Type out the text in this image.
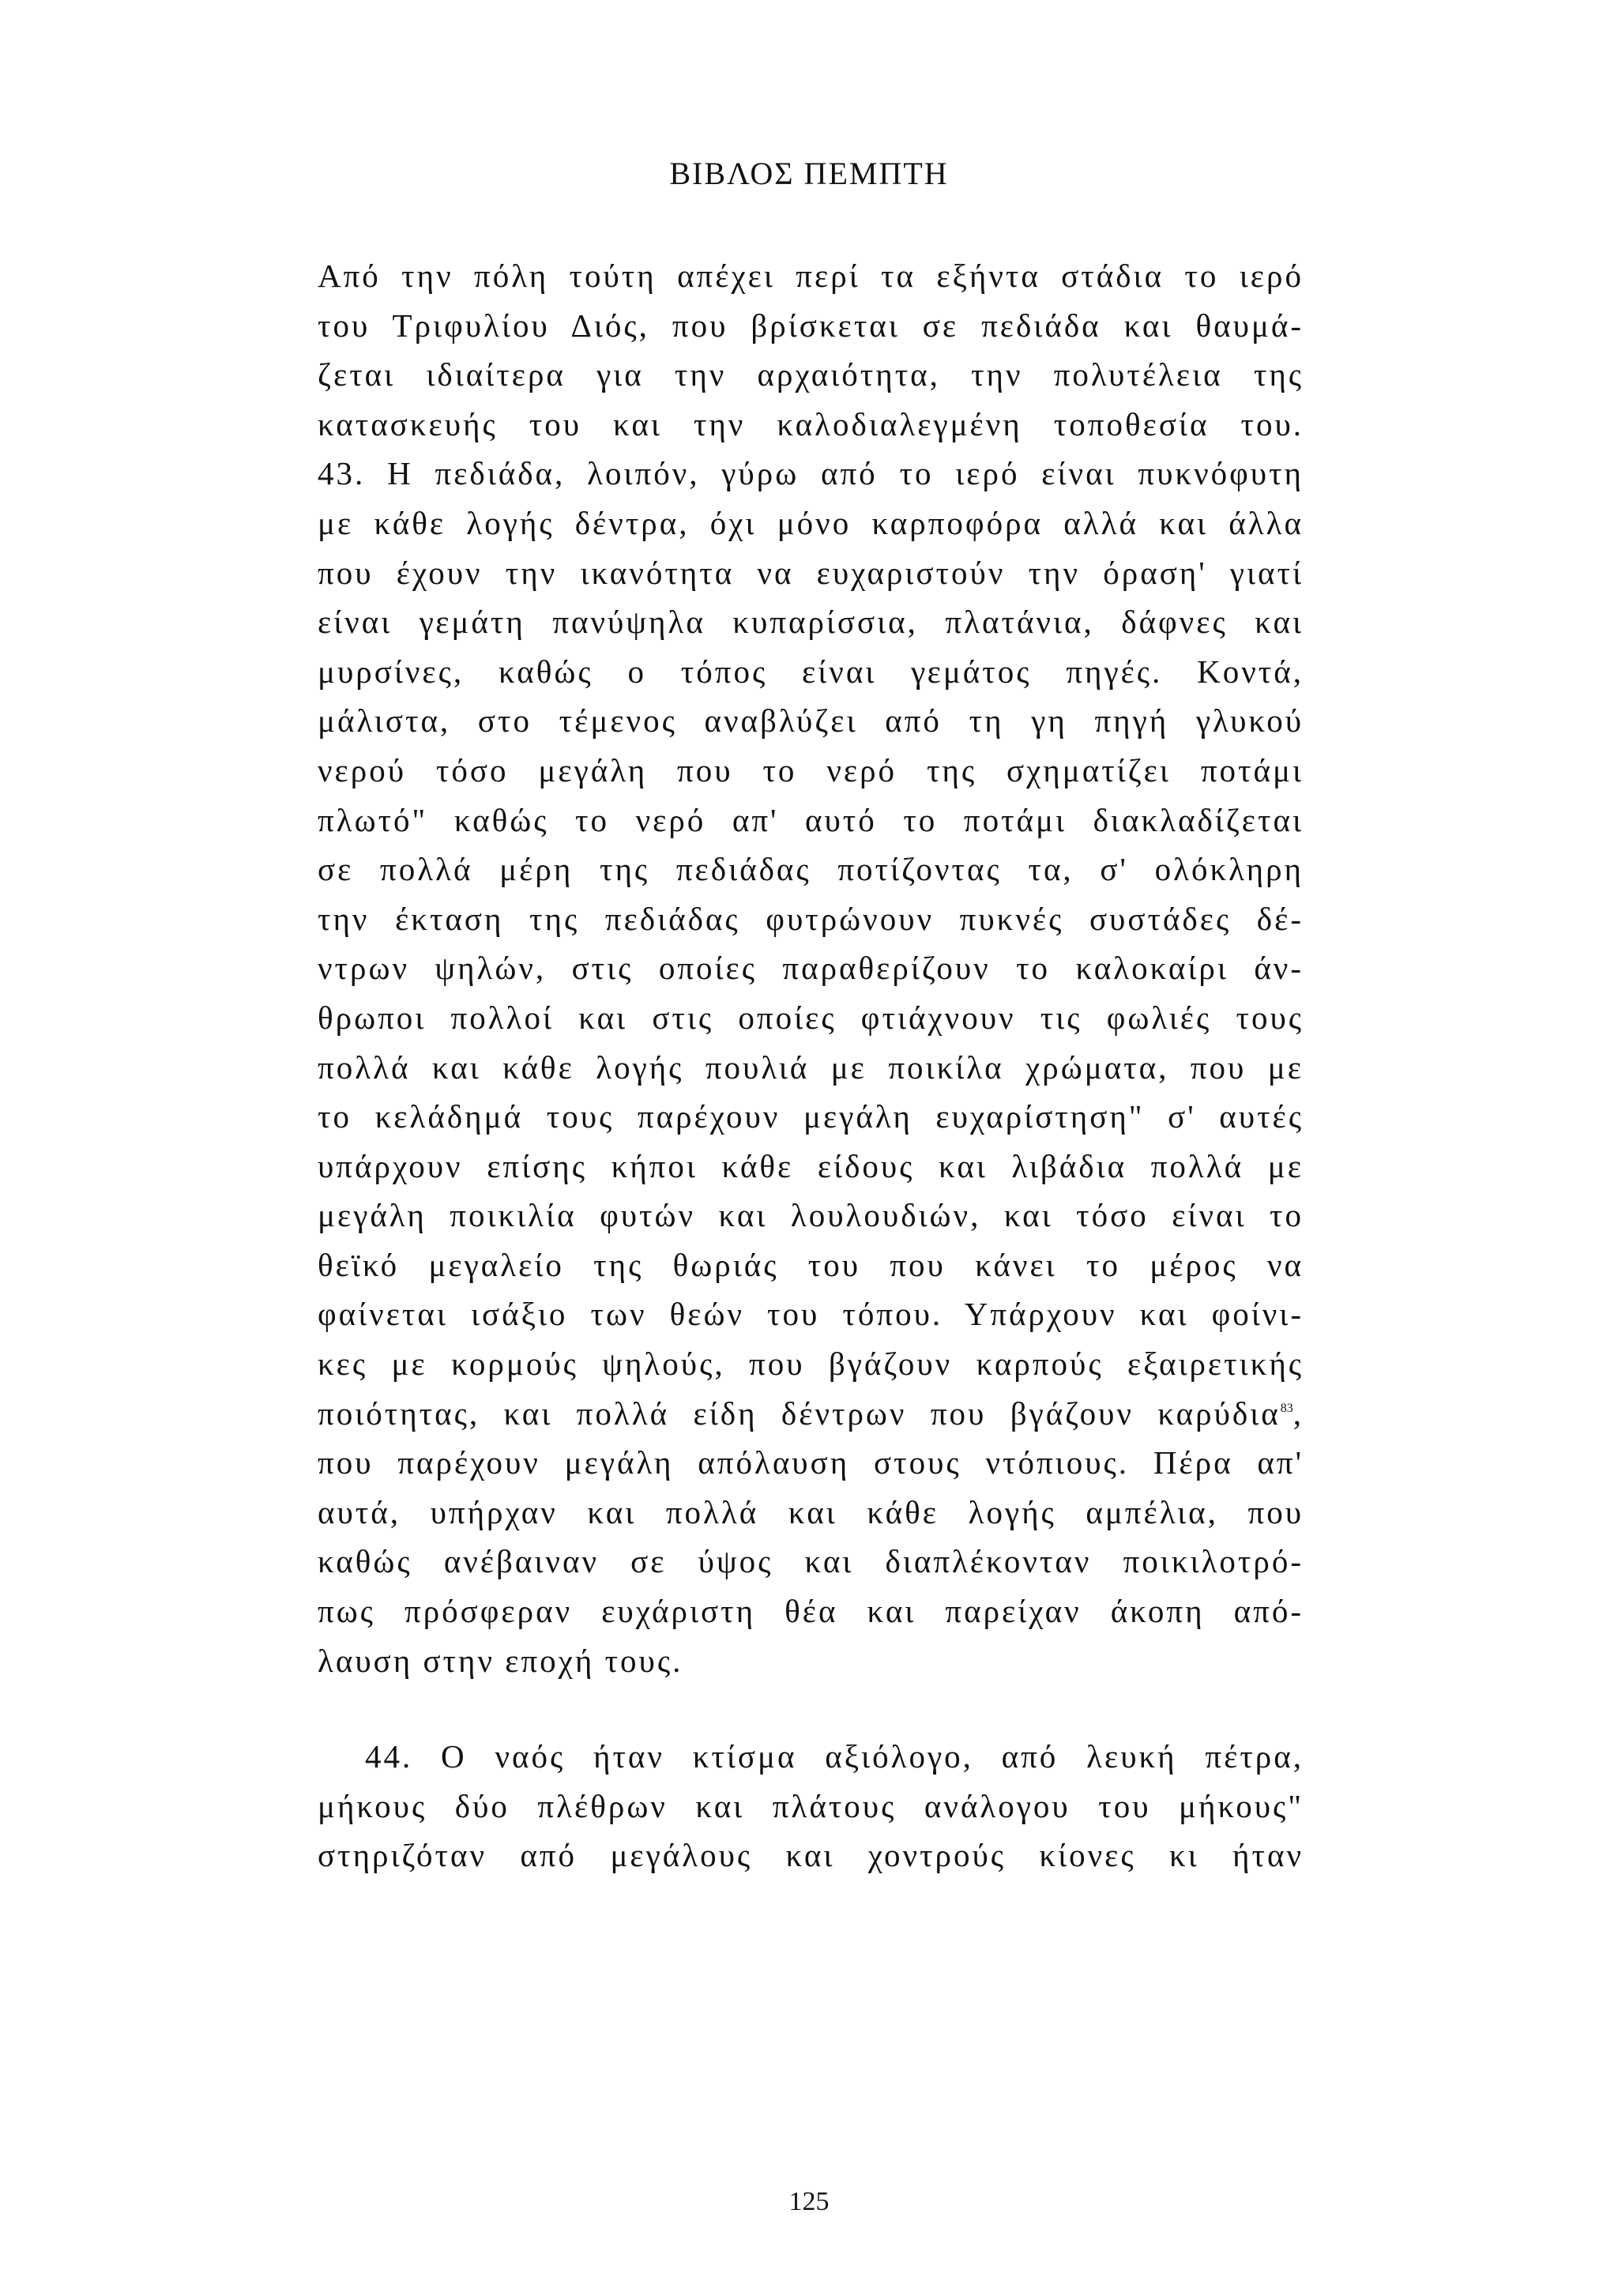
ΒΙΒΛΟΣ ΠΕΜΠΤΗ
Από την πόλη τούτη απέχει περί τα εξήντα στάδια το ιερό
του Τριφυλίου Διός, που βρίσκεται σε πεδιάδα και θαυμά-
ζεται ιδιαίτερα για την αρχαιότητα, την πολυτέλεια της
κατασκευής του και την καλοδιαλεγμένη τοποθεσία του.
43. Η πεδιάδα, λοιπόν, γύρω από το ιερό είναι πυκνόφυτη
με κάθε λογής δέντρα, όχι μόνο καρποφόρα αλλά και άλλα
που έχουν την ικανότητα να ευχαριστούν την όραση' γιατί
είναι γεμάτη πανύψηλα κυπαρίσσια, πλατάνια, δάφνες και
μυρσίνες, καθώς ο τόπος είναι γεμάτος πηγές. Κοντά,
μάλιστα, στο τέμενος αναβλύζει από τη γη πηγή γλυκού
νερού τόσο μεγάλη που το νερό της σχηματίζει ποτάμι
πλωτό" καθώς το νερό απ' αυτό το ποτάμι διακλαδίζεται
σε πολλά μέρη της πεδιάδας ποτίζοντας τα, σ' ολόκληρη
την έκταση της πεδιάδας φυτρώνουν πυκνές συστάδες δέ-
ντρων ψηλών, στις οποίες παραθερίζουν το καλοκαίρι άν-
θρωποι πολλοί και στις οποίες φτιάχνουν τις φωλιές τους
πολλά και κάθε λογής πουλιά με ποικίλα χρώματα, που με
το κελάδημά τους παρέχουν μεγάλη ευχαρίστηση" σ' αυτές
υπάρχουν επίσης κήποι κάθε είδους και λιβάδια πολλά με
μεγάλη ποικιλία φυτών και λουλουδιών, και τόσο είναι το
θεϊκό μεγαλείο της θωριάς του που κάνει το μέρος να
φαίνεται ισάξιο των θεών του τόπου. Υπάρχουν και φοίνι-
κες με κορμούς ψηλούς, που βγάζουν καρπούς εξαιρετικής
ποιότητας, και πολλά είδη δέντρων που βγάζουν καρύδια$^{83}$,
που παρέχουν μεγάλη απόλαυση στους ντόπιους. Πέρα απ'
αυτά, υπήρχαν και πολλά και κάθε λογής αμπέλια, που
καθώς ανέβαιναν σε ύψος και διαπλέκονταν ποικιλοτρό-
πως πρόσφεραν ευχάριστη θέα και παρείχαν άκοπη από-
λαυση στην εποχή τους.
44. Ο ναός ήταν κτίσμα αξιόλογο, από λευκή πέτρα,
μήκους δύο πλέθρων και πλάτους ανάλογου του μήκους"
στηριζόταν από μεγάλους και χοντρούς κίονες κι ήταν
125
